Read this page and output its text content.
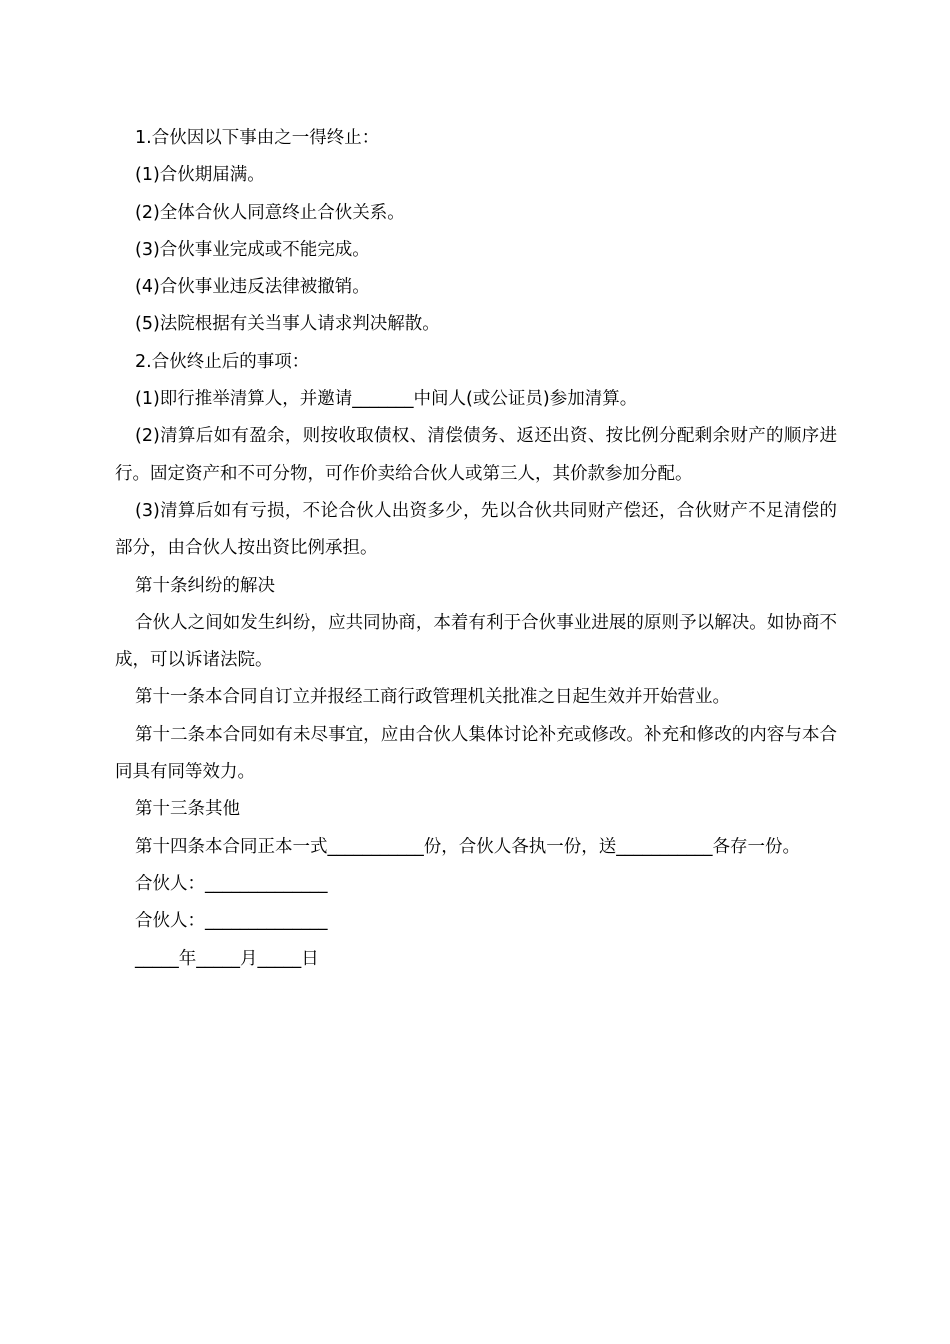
1.合伙因以下事由之一得终止：

(1)合伙期届满。

(2)全体合伙人同意终止合伙关系。

(3)合伙事业完成或不能完成。

(4)合伙事业违反法律被撤销。

(5)法院根据有关当事人请求判决解散。

2.合伙终止后的事项：

(1)即行推举清算人，并邀请_______中间人(或公证员)参加清算。

(2)清算后如有盈余，则按收取债权、清偿债务、返还出资、按比例分配剩余财产的顺序进行。固定资产和不可分物，可作价卖给合伙人或第三人，其价款参加分配。

(3)清算后如有亏损，不论合伙人出资多少，先以合伙共同财产偿还，合伙财产不足清偿的部分，由合伙人按出资比例承担。

第十条纠纷的解决

合伙人之间如发生纠纷，应共同协商，本着有利于合伙事业进展的原则予以解决。如协商不成，可以诉诸法院。

第十一条本合同自订立并报经工商行政管理机关批准之日起生效并开始营业。

第十二条本合同如有未尽事宜，应由合伙人集体讨论补充或修改。补充和修改的内容与本合同具有同等效力。

第十三条其他

第十四条本合同正本一式___________份，合伙人各执一份，送___________各存一份。

合伙人：______________

合伙人：______________

_____年_____月_____日
